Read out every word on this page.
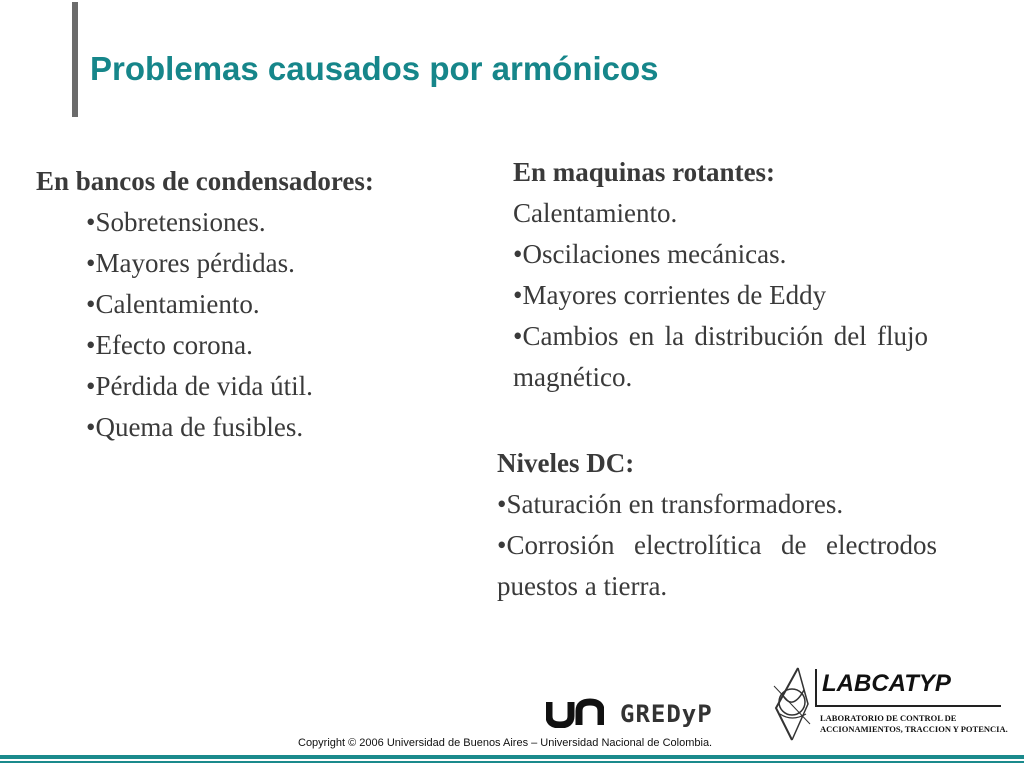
Problemas causados por armónicos
En bancos de condensadores:
•Sobretensiones.
•Mayores pérdidas.
•Calentamiento.
•Efecto corona.
•Pérdida de vida útil.
•Quema de fusibles.
En maquinas rotantes:
Calentamiento.
•Oscilaciones mecánicas.
•Mayores corrientes de Eddy
•Cambios en la distribución del flujo magnético.
Niveles DC:
•Saturación en transformadores.
•Corrosión electrolítica de electrodos puestos a tierra.
GREDyP
Copyright © 2006 Universidad de Buenos Aires – Universidad Nacional de Colombia.
LABCATYP
LABORATORIO DE CONTROL DE
ACCIONAMIENTOS, TRACCION Y POTENCIA.
